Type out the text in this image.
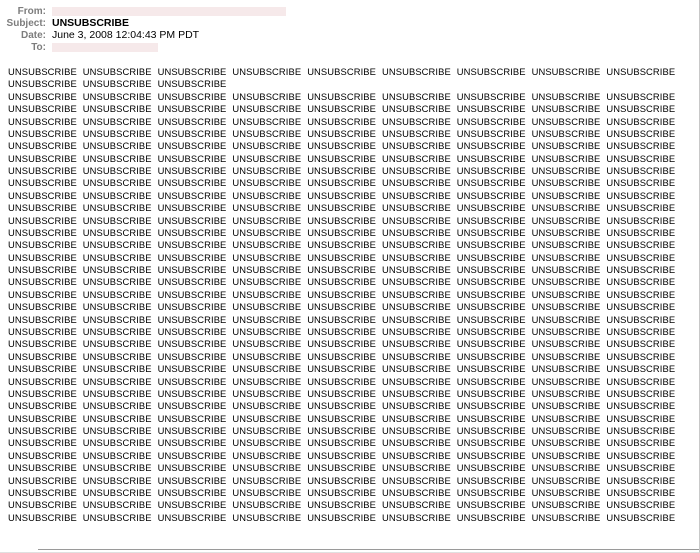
From:
Subject: UNSUBSCRIBE
Date: June 3, 2008 12:04:43 PM PDT
To:
UNSUBSCRIBE UNSUBSCRIBE UNSUBSCRIBE UNSUBSCRIBE UNSUBSCRIBE UNSUBSCRIBE UNSUBSCRIBE UNSUBSCRIBE UNSUBSCRIBE
UNSUBSCRIBE UNSUBSCRIBE UNSUBSCRIBE
UNSUBSCRIBE UNSUBSCRIBE UNSUBSCRIBE UNSUBSCRIBE UNSUBSCRIBE UNSUBSCRIBE UNSUBSCRIBE UNSUBSCRIBE UNSUBSCRIBE
UNSUBSCRIBE UNSUBSCRIBE UNSUBSCRIBE UNSUBSCRIBE UNSUBSCRIBE UNSUBSCRIBE UNSUBSCRIBE UNSUBSCRIBE UNSUBSCRIBE
UNSUBSCRIBE UNSUBSCRIBE UNSUBSCRIBE UNSUBSCRIBE UNSUBSCRIBE UNSUBSCRIBE UNSUBSCRIBE UNSUBSCRIBE UNSUBSCRIBE
UNSUBSCRIBE UNSUBSCRIBE UNSUBSCRIBE UNSUBSCRIBE UNSUBSCRIBE UNSUBSCRIBE UNSUBSCRIBE UNSUBSCRIBE UNSUBSCRIBE
UNSUBSCRIBE UNSUBSCRIBE UNSUBSCRIBE UNSUBSCRIBE UNSUBSCRIBE UNSUBSCRIBE UNSUBSCRIBE UNSUBSCRIBE UNSUBSCRIBE
UNSUBSCRIBE UNSUBSCRIBE UNSUBSCRIBE UNSUBSCRIBE UNSUBSCRIBE UNSUBSCRIBE UNSUBSCRIBE UNSUBSCRIBE UNSUBSCRIBE
UNSUBSCRIBE UNSUBSCRIBE UNSUBSCRIBE UNSUBSCRIBE UNSUBSCRIBE UNSUBSCRIBE UNSUBSCRIBE UNSUBSCRIBE UNSUBSCRIBE
UNSUBSCRIBE UNSUBSCRIBE UNSUBSCRIBE UNSUBSCRIBE UNSUBSCRIBE UNSUBSCRIBE UNSUBSCRIBE UNSUBSCRIBE UNSUBSCRIBE
UNSUBSCRIBE UNSUBSCRIBE UNSUBSCRIBE UNSUBSCRIBE UNSUBSCRIBE UNSUBSCRIBE UNSUBSCRIBE UNSUBSCRIBE UNSUBSCRIBE
UNSUBSCRIBE UNSUBSCRIBE UNSUBSCRIBE UNSUBSCRIBE UNSUBSCRIBE UNSUBSCRIBE UNSUBSCRIBE UNSUBSCRIBE UNSUBSCRIBE
UNSUBSCRIBE UNSUBSCRIBE UNSUBSCRIBE UNSUBSCRIBE UNSUBSCRIBE UNSUBSCRIBE UNSUBSCRIBE UNSUBSCRIBE UNSUBSCRIBE
UNSUBSCRIBE UNSUBSCRIBE UNSUBSCRIBE UNSUBSCRIBE UNSUBSCRIBE UNSUBSCRIBE UNSUBSCRIBE UNSUBSCRIBE UNSUBSCRIBE
UNSUBSCRIBE UNSUBSCRIBE UNSUBSCRIBE UNSUBSCRIBE UNSUBSCRIBE UNSUBSCRIBE UNSUBSCRIBE UNSUBSCRIBE UNSUBSCRIBE
UNSUBSCRIBE UNSUBSCRIBE UNSUBSCRIBE UNSUBSCRIBE UNSUBSCRIBE UNSUBSCRIBE UNSUBSCRIBE UNSUBSCRIBE UNSUBSCRIBE
UNSUBSCRIBE UNSUBSCRIBE UNSUBSCRIBE UNSUBSCRIBE UNSUBSCRIBE UNSUBSCRIBE UNSUBSCRIBE UNSUBSCRIBE UNSUBSCRIBE
UNSUBSCRIBE UNSUBSCRIBE UNSUBSCRIBE UNSUBSCRIBE UNSUBSCRIBE UNSUBSCRIBE UNSUBSCRIBE UNSUBSCRIBE UNSUBSCRIBE
UNSUBSCRIBE UNSUBSCRIBE UNSUBSCRIBE UNSUBSCRIBE UNSUBSCRIBE UNSUBSCRIBE UNSUBSCRIBE UNSUBSCRIBE UNSUBSCRIBE
UNSUBSCRIBE UNSUBSCRIBE UNSUBSCRIBE UNSUBSCRIBE UNSUBSCRIBE UNSUBSCRIBE UNSUBSCRIBE UNSUBSCRIBE UNSUBSCRIBE
UNSUBSCRIBE UNSUBSCRIBE UNSUBSCRIBE UNSUBSCRIBE UNSUBSCRIBE UNSUBSCRIBE UNSUBSCRIBE UNSUBSCRIBE UNSUBSCRIBE
UNSUBSCRIBE UNSUBSCRIBE UNSUBSCRIBE UNSUBSCRIBE UNSUBSCRIBE UNSUBSCRIBE UNSUBSCRIBE UNSUBSCRIBE UNSUBSCRIBE
UNSUBSCRIBE UNSUBSCRIBE UNSUBSCRIBE UNSUBSCRIBE UNSUBSCRIBE UNSUBSCRIBE UNSUBSCRIBE UNSUBSCRIBE UNSUBSCRIBE
UNSUBSCRIBE UNSUBSCRIBE UNSUBSCRIBE UNSUBSCRIBE UNSUBSCRIBE UNSUBSCRIBE UNSUBSCRIBE UNSUBSCRIBE UNSUBSCRIBE
UNSUBSCRIBE UNSUBSCRIBE UNSUBSCRIBE UNSUBSCRIBE UNSUBSCRIBE UNSUBSCRIBE UNSUBSCRIBE UNSUBSCRIBE UNSUBSCRIBE
UNSUBSCRIBE UNSUBSCRIBE UNSUBSCRIBE UNSUBSCRIBE UNSUBSCRIBE UNSUBSCRIBE UNSUBSCRIBE UNSUBSCRIBE UNSUBSCRIBE
UNSUBSCRIBE UNSUBSCRIBE UNSUBSCRIBE UNSUBSCRIBE UNSUBSCRIBE UNSUBSCRIBE UNSUBSCRIBE UNSUBSCRIBE UNSUBSCRIBE
UNSUBSCRIBE UNSUBSCRIBE UNSUBSCRIBE UNSUBSCRIBE UNSUBSCRIBE UNSUBSCRIBE UNSUBSCRIBE UNSUBSCRIBE UNSUBSCRIBE
UNSUBSCRIBE UNSUBSCRIBE UNSUBSCRIBE UNSUBSCRIBE UNSUBSCRIBE UNSUBSCRIBE UNSUBSCRIBE UNSUBSCRIBE UNSUBSCRIBE
UNSUBSCRIBE UNSUBSCRIBE UNSUBSCRIBE UNSUBSCRIBE UNSUBSCRIBE UNSUBSCRIBE UNSUBSCRIBE UNSUBSCRIBE UNSUBSCRIBE
UNSUBSCRIBE UNSUBSCRIBE UNSUBSCRIBE UNSUBSCRIBE UNSUBSCRIBE UNSUBSCRIBE UNSUBSCRIBE UNSUBSCRIBE UNSUBSCRIBE
UNSUBSCRIBE UNSUBSCRIBE UNSUBSCRIBE UNSUBSCRIBE UNSUBSCRIBE UNSUBSCRIBE UNSUBSCRIBE UNSUBSCRIBE UNSUBSCRIBE
UNSUBSCRIBE UNSUBSCRIBE UNSUBSCRIBE UNSUBSCRIBE UNSUBSCRIBE UNSUBSCRIBE UNSUBSCRIBE UNSUBSCRIBE UNSUBSCRIBE
UNSUBSCRIBE UNSUBSCRIBE UNSUBSCRIBE UNSUBSCRIBE UNSUBSCRIBE UNSUBSCRIBE UNSUBSCRIBE UNSUBSCRIBE UNSUBSCRIBE
UNSUBSCRIBE UNSUBSCRIBE UNSUBSCRIBE UNSUBSCRIBE UNSUBSCRIBE UNSUBSCRIBE UNSUBSCRIBE UNSUBSCRIBE UNSUBSCRIBE
UNSUBSCRIBE UNSUBSCRIBE UNSUBSCRIBE UNSUBSCRIBE UNSUBSCRIBE UNSUBSCRIBE UNSUBSCRIBE UNSUBSCRIBE UNSUBSCRIBE
UNSUBSCRIBE UNSUBSCRIBE UNSUBSCRIBE UNSUBSCRIBE UNSUBSCRIBE UNSUBSCRIBE UNSUBSCRIBE UNSUBSCRIBE UNSUBSCRIBE
